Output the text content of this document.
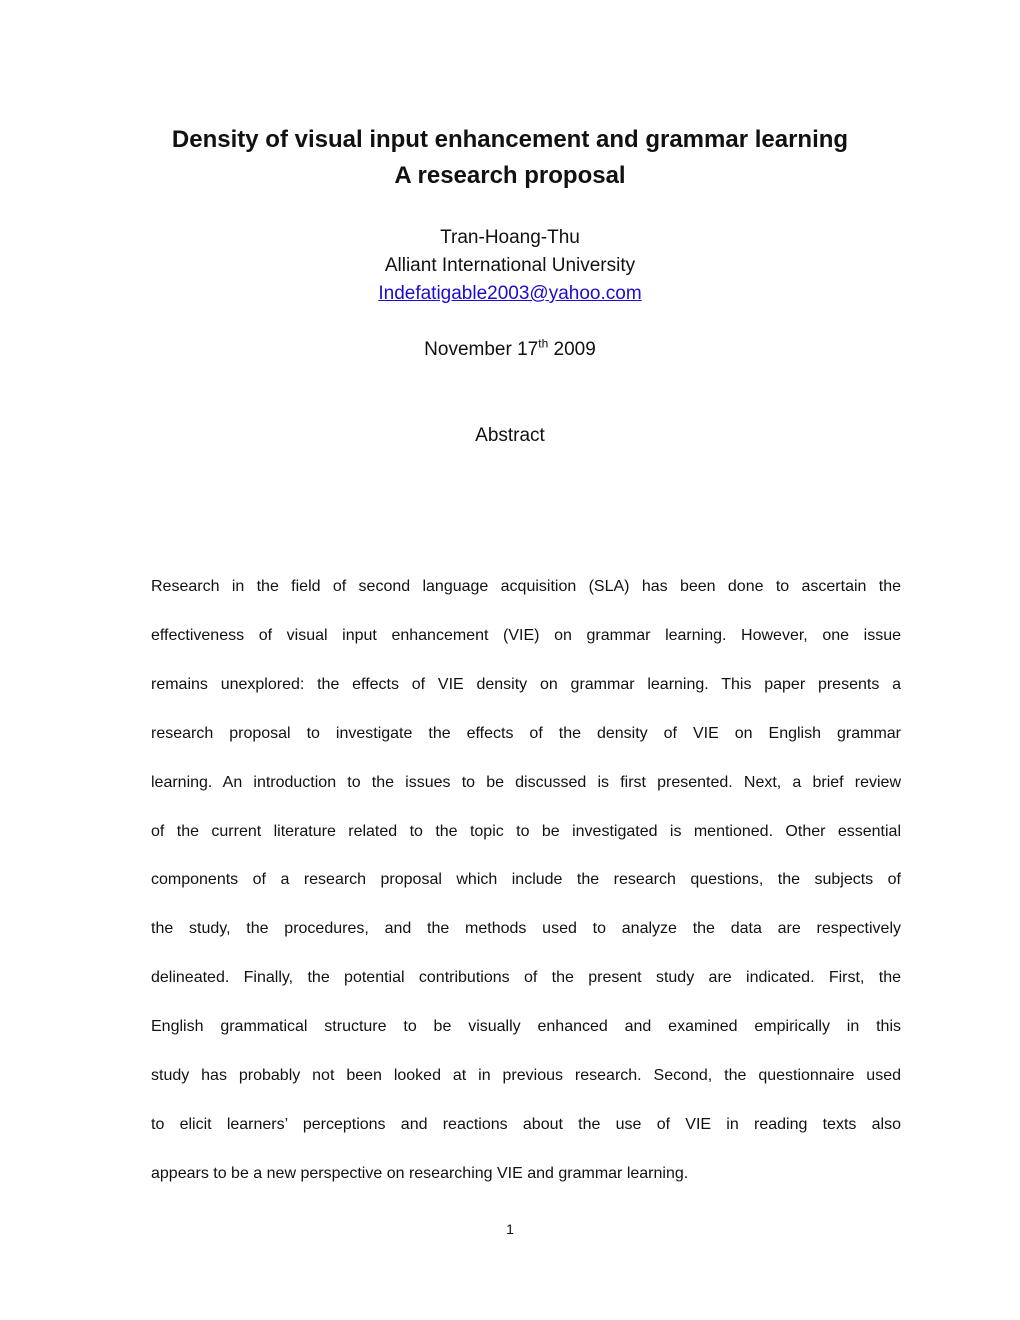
Density of visual input enhancement and grammar learning
A research proposal
Tran-Hoang-Thu
Alliant International University
Indefatigable2003@yahoo.com
November 17th 2009
Abstract
Research in the field of second language acquisition (SLA) has been done to ascertain the
effectiveness of visual input enhancement (VIE) on grammar learning. However, one issue
remains unexplored: the effects of VIE density on grammar learning. This paper presents a
research proposal to investigate the effects of the density of VIE on English grammar
learning. An introduction to the issues to be discussed is first presented. Next, a brief review
of the current literature related to the topic to be investigated is mentioned. Other essential
components of a research proposal which include the research questions, the subjects of
the study, the procedures, and the methods used to analyze the data are respectively
delineated. Finally, the potential contributions of the present study are indicated. First, the
English grammatical structure to be visually enhanced and examined empirically in this
study has probably not been looked at in previous research. Second, the questionnaire used
to elicit learners’ perceptions and reactions about the use of VIE in reading texts also
appears to be a new perspective on researching VIE and grammar learning.
1
